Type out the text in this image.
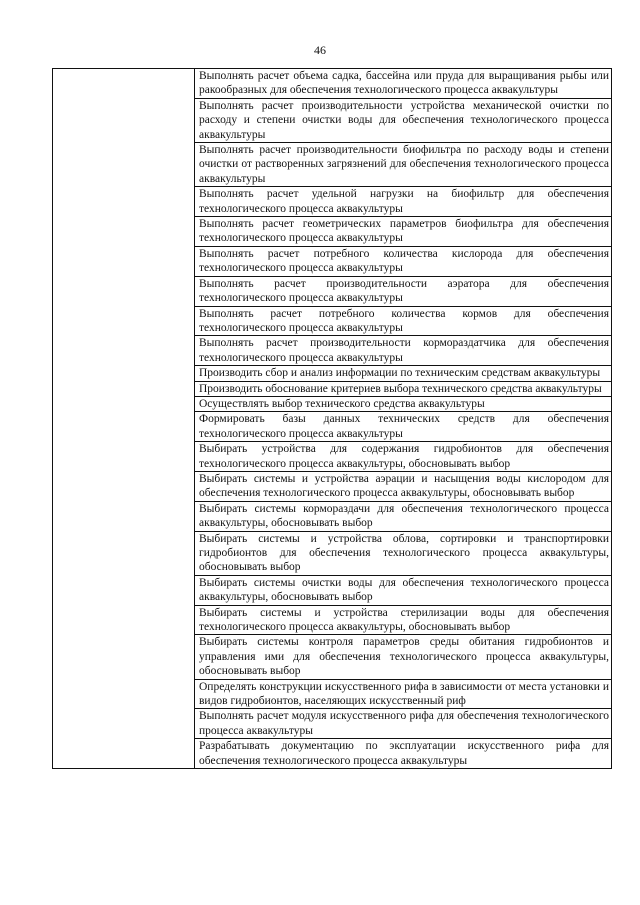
46
	Выполнять расчет объема садка, бассейна или пруда для выращивания рыбы или ракообразных для обеспечения технологического процесса аквакультуры
Выполнять расчет производительности устройства механической очистки по расходу и степени очистки воды для обеспечения технологического процесса аквакультуры
Выполнять расчет производительности биофильтра по расходу воды и степени очистки от растворенных загрязнений для обеспечения технологического процесса аквакультуры
Выполнять расчет удельной нагрузки на биофильтр для обеспечения технологического процесса аквакультуры
Выполнять расчет геометрических параметров биофильтра для обеспечения технологического процесса аквакультуры
Выполнять расчет потребного количества кислорода для обеспечения технологического процесса аквакультуры
Выполнять расчет производительности аэратора для обеспечения технологического процесса аквакультуры
Выполнять расчет потребного количества кормов для обеспечения технологического процесса аквакультуры
Выполнять расчет производительности кормораздатчика для обеспечения технологического процесса аквакультуры
Производить сбор и анализ информации по техническим средствам аквакультуры
Производить обоснование критериев выбора технического средства аквакультуры
Осуществлять выбор технического средства аквакультуры
Формировать базы данных технических средств для обеспечения технологического процесса аквакультуры
Выбирать устройства для содержания гидробионтов для обеспечения технологического процесса аквакультуры, обосновывать выбор
Выбирать системы и устройства аэрации и насыщения воды кислородом для обеспечения технологического процесса аквакультуры, обосновывать выбор
Выбирать системы кормораздачи для обеспечения технологического процесса аквакультуры, обосновывать выбор
Выбирать системы и устройства облова, сортировки и транспортировки гидробионтов для обеспечения технологического процесса аквакультуры, обосновывать выбор
Выбирать системы очистки воды для обеспечения технологического процесса аквакультуры, обосновывать выбор
Выбирать системы и устройства стерилизации воды для обеспечения технологического процесса аквакультуры, обосновывать выбор
Выбирать системы контроля параметров среды обитания гидробионтов и управления ими для обеспечения технологического процесса аквакультуры, обосновывать выбор
Определять конструкции искусственного рифа в зависимости от места установки и видов гидробионтов, населяющих искусственный риф
Выполнять расчет модуля искусственного рифа для обеспечения технологического процесса аквакультуры
Разрабатывать документацию по эксплуатации искусственного рифа для обеспечения технологического процесса аквакультуры
